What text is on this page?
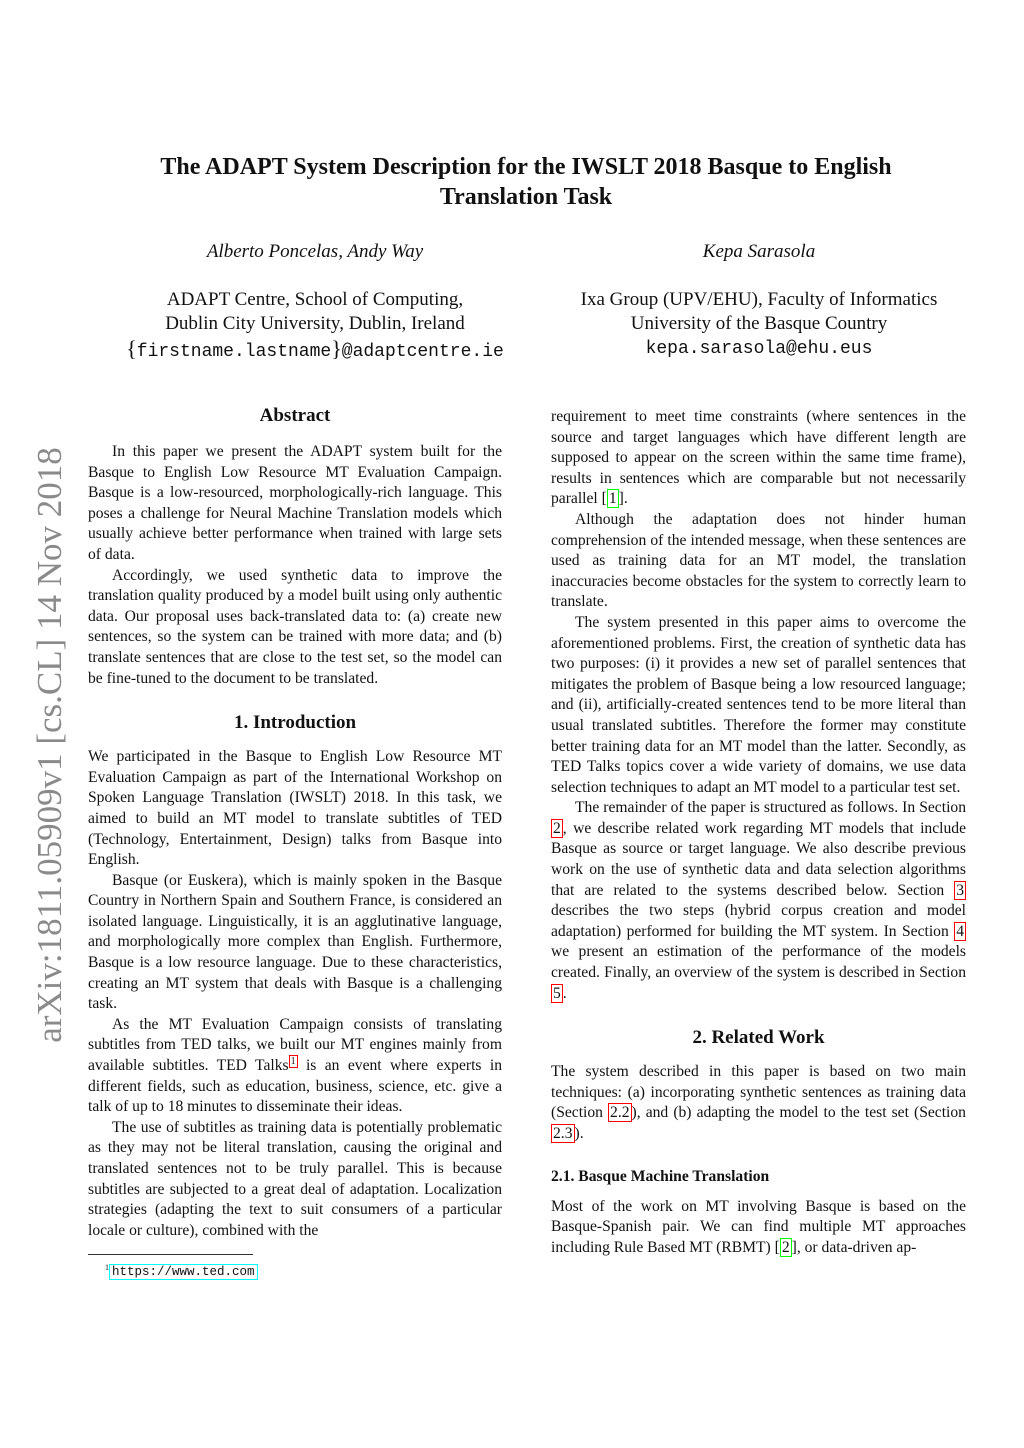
arXiv:1811.05909v1 [cs.CL] 14 Nov 2018
The ADAPT System Description for the IWSLT 2018 Basque to English Translation Task
Alberto Poncelas, Andy Way
ADAPT Centre, School of Computing,
Dublin City University, Dublin, Ireland
{firstname.lastname}@adaptcentre.ie
Kepa Sarasola
Ixa Group (UPV/EHU), Faculty of Informatics
University of the Basque Country
kepa.sarasola@ehu.eus
Abstract

In this paper we present the ADAPT system built for the Basque to English Low Resource MT Evaluation Campaign. Basque is a low-resourced, morphologically-rich language. This poses a challenge for Neural Machine Translation models which usually achieve better performance when trained with large sets of data.

Accordingly, we used synthetic data to improve the translation quality produced by a model built using only authentic data. Our proposal uses back-translated data to: (a) create new sentences, so the system can be trained with more data; and (b) translate sentences that are close to the test set, so the model can be fine-tuned to the document to be translated.

1. Introduction

We participated in the Basque to English Low Resource MT Evaluation Campaign as part of the International Workshop on Spoken Language Translation (IWSLT) 2018. In this task, we aimed to build an MT model to translate subtitles of TED (Technology, Entertainment, Design) talks from Basque into English.

Basque (or Euskera), which is mainly spoken in the Basque Country in Northern Spain and Southern France, is considered an isolated language. Linguistically, it is an agglutinative language, and morphologically more complex than English. Furthermore, Basque is a low resource language. Due to these characteristics, creating an MT system that deals with Basque is a challenging task.

As the MT Evaluation Campaign consists of translating subtitles from TED talks, we built our MT engines mainly from available subtitles. TED Talks $^1$ is an event where experts in different fields, such as education, business, science, etc. give a talk of up to 18 minutes to disseminate their ideas.

The use of subtitles as training data is potentially problematic as they may not be literal translation, causing the original and translated sentences not to be truly parallel. This is because subtitles are subjected to a great deal of adaptation. Localization strategies (adapting the text to suit consumers of a particular locale or culture), combined with the

$^1$ https://www.ted.com

requirement to meet time constraints (where sentences in the source and target languages which have different length are supposed to appear on the screen within the same time frame), results in sentences which are comparable but not necessarily parallel [ 1 ].

Although the adaptation does not hinder human comprehension of the intended message, when these sentences are used as training data for an MT model, the translation inaccuracies become obstacles for the system to correctly learn to translate.

The system presented in this paper aims to overcome the aforementioned problems. First, the creation of synthetic data has two purposes: (i) it provides a new set of parallel sentences that mitigates the problem of Basque being a low resourced language; and (ii), artificially-created sentences tend to be more literal than usual translated subtitles. Therefore the former may constitute better training data for an MT model than the latter. Secondly, as TED Talks topics cover a wide variety of domains, we use data selection techniques to adapt an MT model to a particular test set.

The remainder of the paper is structured as follows. In Section 2 , we describe related work regarding MT models that include Basque as source or target language. We also describe previous work on the use of synthetic data and data selection algorithms that are related to the systems described below. Section 3 describes the two steps (hybrid corpus creation and model adaptation) performed for building the MT system. In Section 4 we present an estimation of the performance of the models created. Finally, an overview of the system is described in Section 5 .

2. Related Work

The system described in this paper is based on two main techniques: (a) incorporating synthetic sentences as training data (Section 2.2 ), and (b) adapting the model to the test set (Section 2.3 ).

2.1. Basque Machine Translation

Most of the work on MT involving Basque is based on the Basque-Spanish pair. We can find multiple MT approaches including Rule Based MT (RBMT) [ 2 ], or data-driven ap-
